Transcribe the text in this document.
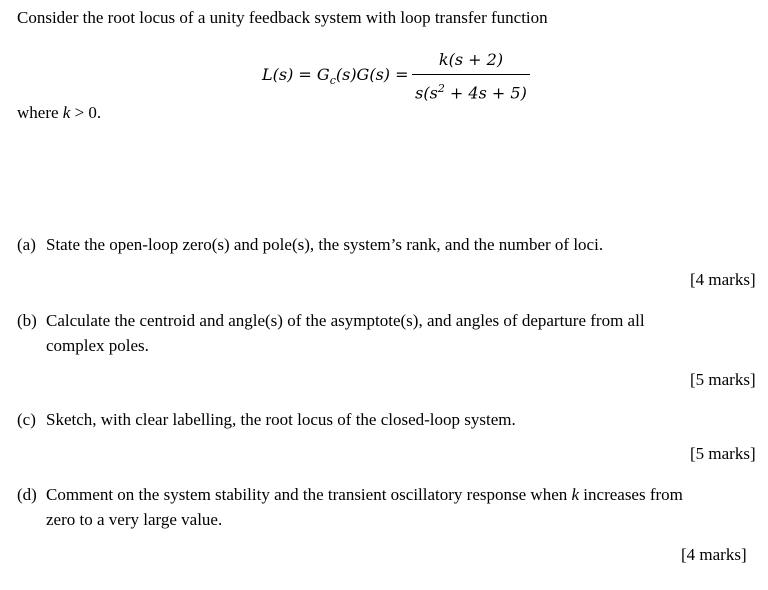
Consider the root locus of a unity feedback system with loop transfer function
$L(s) = G_c(s)G(s)$ =
k(s + 2)
$s(s^2 + 4s + 5)$
where k > 0.
(a) State the open-loop zero(s) and pole(s), the system’s rank, and the number of loci.
[4 marks]
(b) Calculate the centroid and angle(s) of the asymptote(s), and angles of departure from all
complex poles.
[5 marks]
(c) Sketch, with clear labelling, the root locus of the closed-loop system.
[5 marks]
(d) Comment on the system stability and the transient oscillatory response when k increases from
zero to a very large value.
[4 marks]
